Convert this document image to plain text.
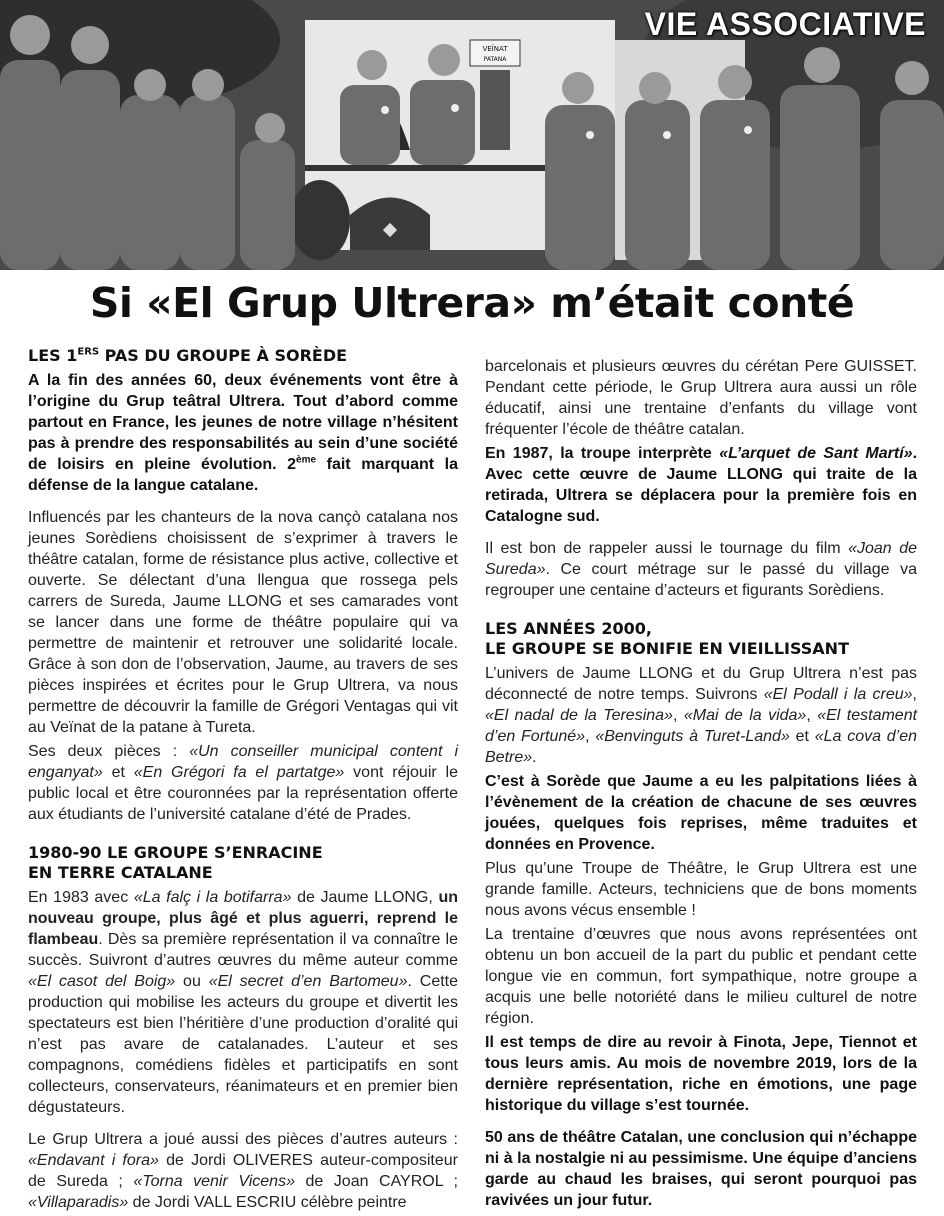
VEÏNAT
PATANA
VIE ASSOCIATIVE
Si «El Grup Ultrera» m’était conté
LES 1ERS PAS DU GROUPE À SORÈDE

A la fin des années 60, deux événements vont être à l’origine du Grup teâtral Ultrera. Tout d’abord comme partout en France, les jeunes de notre village n’hésitent pas à prendre des responsabilités au sein d’une société de loisirs en pleine évolution. 2ème fait marquant la défense de la langue catalane.

Influencés par les chanteurs de la nova cançò catalana nos jeunes Sorèdiens choisissent de s’exprimer à travers le théâtre catalan, forme de résistance plus active, collective et ouverte. Se délectant d’una llengua que rossega pels carrers de Sureda, Jaume LLONG et ses camarades vont se lancer dans une forme de théâtre populaire qui va permettre de maintenir et retrouver une solidarité locale. Grâce à son don de l’observation, Jaume, au travers de ses pièces inspirées et écrites pour le Grup Ultrera, va nous permettre de découvrir la famille de Grégori Ventagas qui vit au Veïnat de la patane à Tureta.

Ses deux pièces : «Un conseiller municipal content i enganyat» et «En Grégori fa el partatge» vont réjouir le public local et être couronnées par la représentation offerte aux étudiants de l’université catalane d’été de Prades.

1980-90 LE GROUPE S’ENRACINE
EN TERRE CATALANE

En 1983 avec «La falç i la botifarra» de Jaume LLONG, un nouveau groupe, plus âgé et plus aguerri, reprend le flambeau. Dès sa première représentation il va connaître le succès. Suivront d’autres œuvres du même auteur comme «El casot del Boig» ou «El secret d’en Bartomeu». Cette production qui mobilise les acteurs du groupe et divertit les spectateurs est bien l’héritière d’une production d’oralité qui n’est pas avare de catalanades. L’auteur et ses compagnons, comédiens fidèles et participatifs en sont collecteurs, conservateurs, réanimateurs et en premier bien dégustateurs.

Le Grup Ultrera a joué aussi des pièces d’autres auteurs : «Endavant i fora» de Jordi OLIVERES auteur-compositeur de Sureda ; «Torna venir Vicens» de Joan CAYROL ; «Villaparadis» de Jordi VALL ESCRIU célèbre peintre

barcelonais et plusieurs œuvres du cérétan Pere GUISSET. Pendant cette période, le Grup Ultrera aura aussi un rôle éducatif, ainsi une trentaine d’enfants du village vont fréquenter l’école de théâtre catalan.

En 1987, la troupe interprète «L’arquet de Sant Martí». Avec cette œuvre de Jaume LLONG qui traite de la retirada, Ultrera se déplacera pour la première fois en Catalogne sud.

Il est bon de rappeler aussi le tournage du film «Joan de Sureda». Ce court métrage sur le passé du village va regrouper une centaine d’acteurs et figurants Sorèdiens.

LES ANNÉES 2000,
LE GROUPE SE BONIFIE EN VIEILLISSANT

L’univers de Jaume LLONG et du Grup Ultrera n’est pas déconnecté de notre temps. Suivrons «El Podall i la creu», «El nadal de la Teresina», «Mai de la vida», «El testament d’en Fortuné», «Benvinguts à Turet-Land» et «La cova d’en Betre».

C’est à Sorède que Jaume a eu les palpitations liées à l’évènement de la création de chacune de ses œuvres jouées, quelques fois reprises, même traduites et données en Provence.

Plus qu’une Troupe de Théâtre, le Grup Ultrera est une grande famille. Acteurs, techniciens que de bons moments nous avons vécus ensemble !

La trentaine d’œuvres que nous avons représentées ont obtenu un bon accueil de la part du public et pendant cette longue vie en commun, fort sympathique, notre groupe a acquis une belle notoriété dans le milieu culturel de notre région.

Il est temps de dire au revoir à Finota, Jepe, Tiennot et tous leurs amis. Au mois de novembre 2019, lors de la dernière représentation, riche en émotions, une page historique du village s’est tournée.

50 ans de théâtre Catalan, une conclusion qui n’échappe ni à la nostalgie ni au pessimisme. Une équipe d’anciens garde au chaud les braises, qui seront pourquoi pas ravivées un jour futur.
